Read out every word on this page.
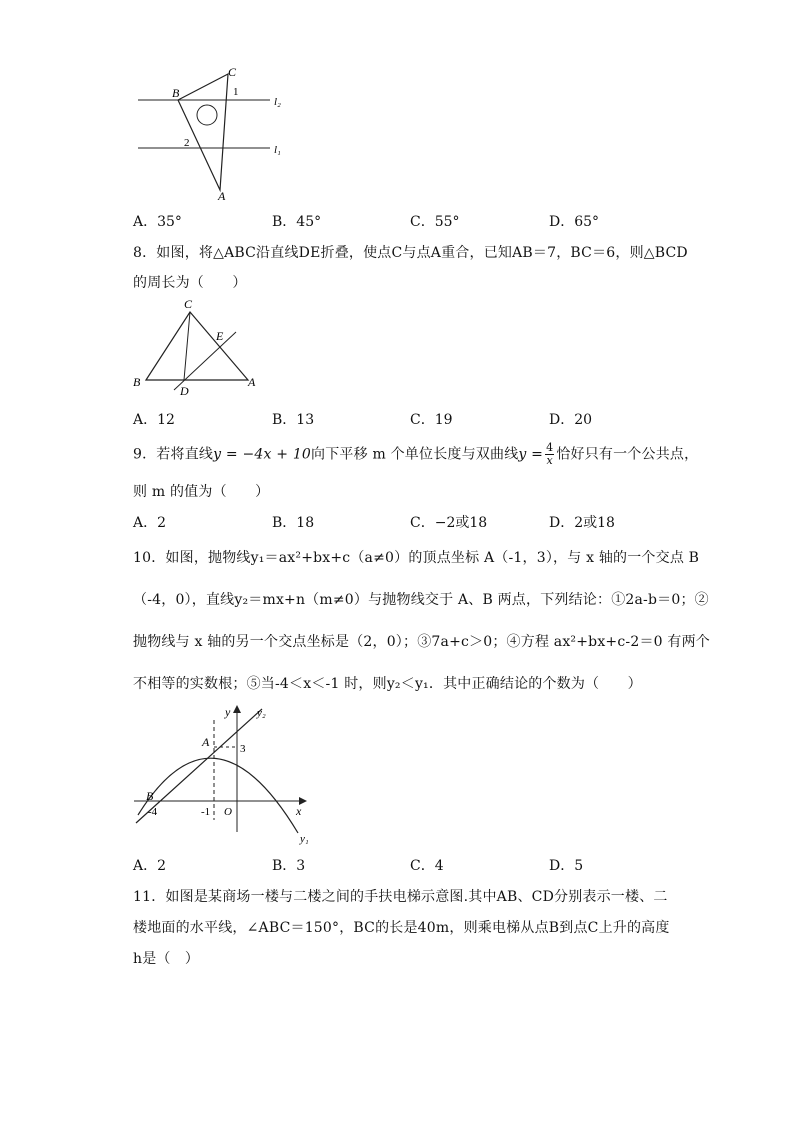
B
C
1
2
A
l₂
l₁
A．35°	B．45°	C．55°	D．65°
8．如图，将△ABC沿直线DE折叠，使点C与点A重合，已知AB＝7，BC＝6，则△BCD
的周长为（　　）
C
E
B
D
A
A．12	B．13	C．19	D．20
9．若将直线y = −4x + 10向下平移 m 个单位长度与双曲线$y = \frac{4}{x}$ 恰好只有一个公共点，
则 m 的值为（　　）
A．2	B．18	C．−2或18	D．2或18
10．如图，抛物线y₁＝ax²+bx+c（a≠0）的顶点坐标 A（-1，3），与 x 轴的一个交点 B
（-4，0），直线y₂＝mx+n（m≠0）与抛物线交于 A、B 两点，下列结论：①2a-b＝0；②
抛物线与 x 轴的另一个交点坐标是（2，0）；③7a+c＞0；④方程 ax²+bx+c-2＝0 有两个
不相等的实数根；⑤当-4＜x＜-1 时，则y₂＜y₁．其中正确结论的个数为（　　）
y y₂
A	3
B
-4	-1 O	x
y₁
A．2	B．3	C．4	D．5
11．如图是某商场一楼与二楼之间的手扶电梯示意图.其中AB、CD分别表示一楼、二
楼地面的水平线，∠ABC＝150°，BC的长是40m，则乘电梯从点B到点C上升的高度
h是（　）
